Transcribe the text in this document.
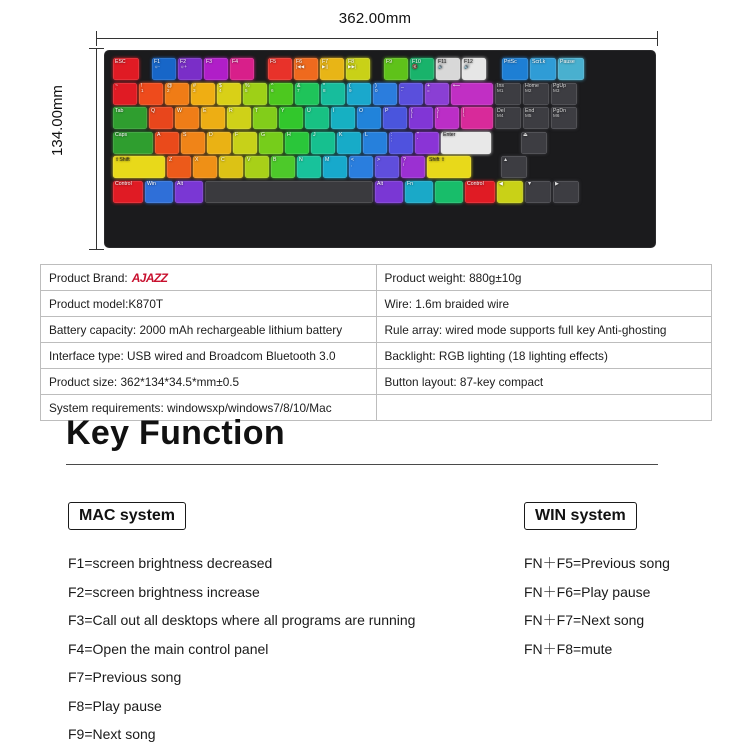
362.00mm
134.00mm
ESC	F1
☼-
F2
☼+
F3	F4	F5	F6
|◀◀
F7
▶||
F8
▶▶|
F9	F10
🔇
F11
🔉
F12
🔊
PrtSc	ScrLk	Pause
~
`
!
1
@
2
#
3
$
4
%
5
^
6
&
7
*
8
(
9
)
0
_
-
+
=
⟵	Ins
M1
Home
M2
PgUp
M3
Tab	Q	W	E	R	T	Y	U	I	O	P	{
[
}
]
|
\
Del
M4
End
M5
PgDn
M6
Caps	A	S	D	F	G	H	J	K	L	:
;
"
'
Enter	⏏
⇧Shift	Z	X	C	V	B	N	M	<
,
>
.
?
/
Shift ⇧	▲
Control	Win	Alt	Alt	Fn	Control	◀	▼	▶
Product Brand: AJAZZ	Product weight: 880g±10g
Product model:K870T	Wire: 1.6m braided wire
Battery capacity: 2000 mAh rechargeable lithium battery	Rule array: wired mode supports full key Anti-ghosting
Interface type: USB wired and Broadcom Bluetooth 3.0	Backlight: RGB lighting (18 lighting effects)
Product size: 362*134*34.5*mm±0.5	Button layout: 87-key compact
System requirements: windowsxp/windows7/8/10/Mac	
Key Function
MAC system	WIN system
F1=screen brightness decreased
F2=screen brightness increase
F3=Call out all desktops where all programs are running
F4=Open the main control panel
F7=Previous song
F8=Play pause
F9=Next song
FN＋F5=Previous song
FN＋F6=Play pause
FN＋F7=Next song
FN＋F8=mute
